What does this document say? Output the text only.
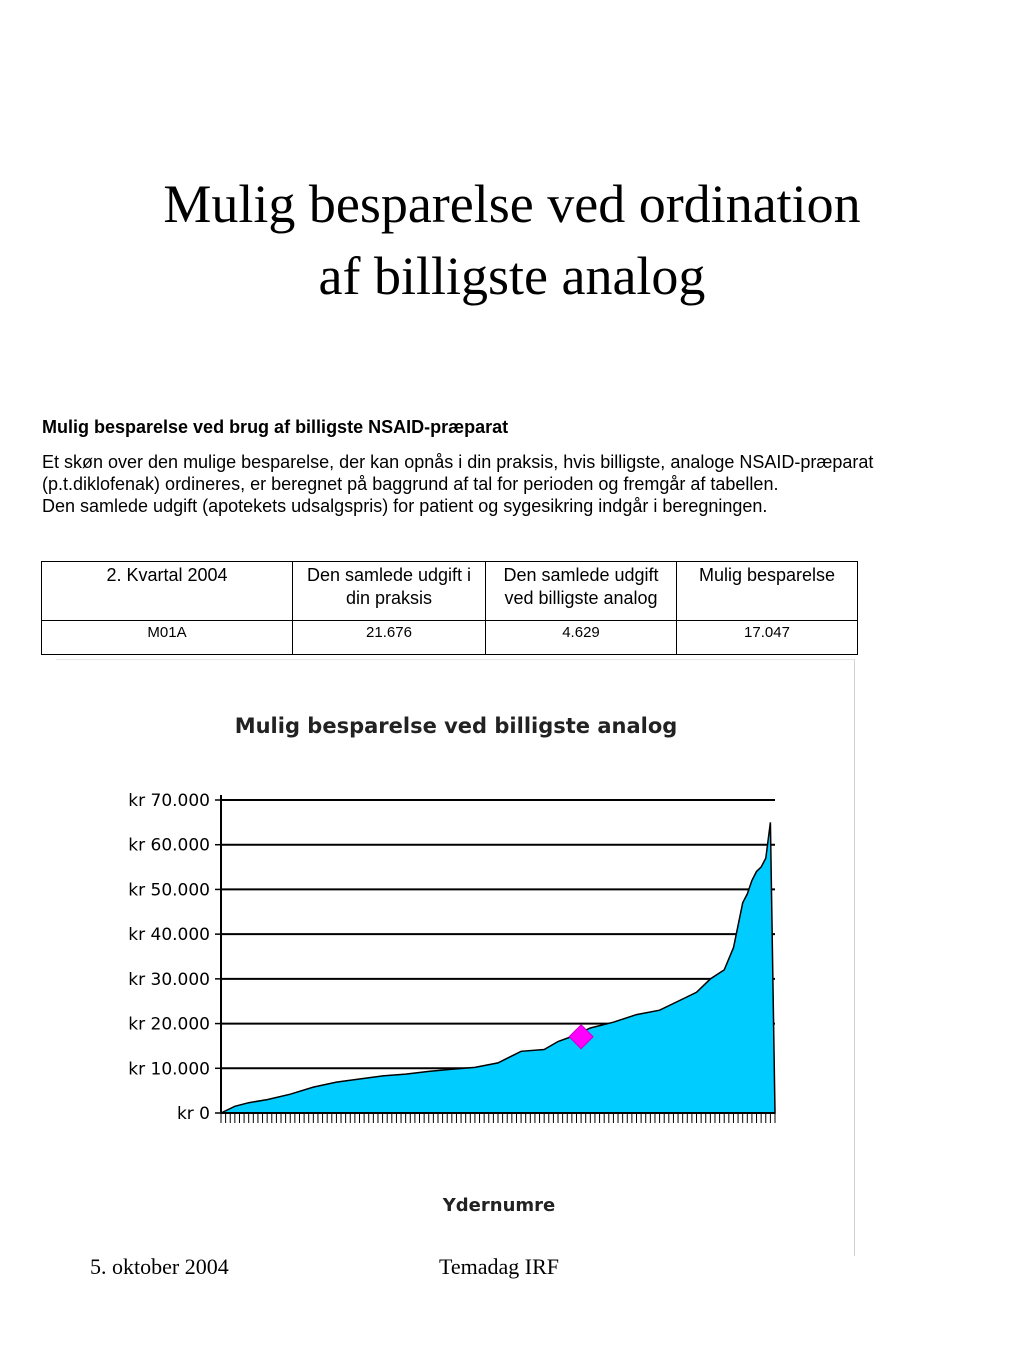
Mulig besparelse ved ordination
af billigste analog
Mulig besparelse ved brug af billigste NSAID-præparat

Et skøn over den mulige besparelse, der kan opnås i din praksis, hvis billigste, analoge NSAID-præparat
(p.t.diklofenak) ordineres, er beregnet på baggrund af tal for perioden og fremgår af tabellen.
Den samlede udgift (apotekets udsalgspris) for patient og sygesikring indgår i beregningen.

2. Kvartal 2004	Den samlede udgift i din praksis	Den samlede udgift ved billigste analog	Mulig besparelse
M01A	21.676	4.629	17.047
Mulig besparelse ved billigste analog
kr 0
kr 10.000
kr 20.000
kr 30.000
kr 40.000
kr 50.000
kr 60.000
kr 70.000
Ydernumre
5. oktober 2004	Temadag IRF
